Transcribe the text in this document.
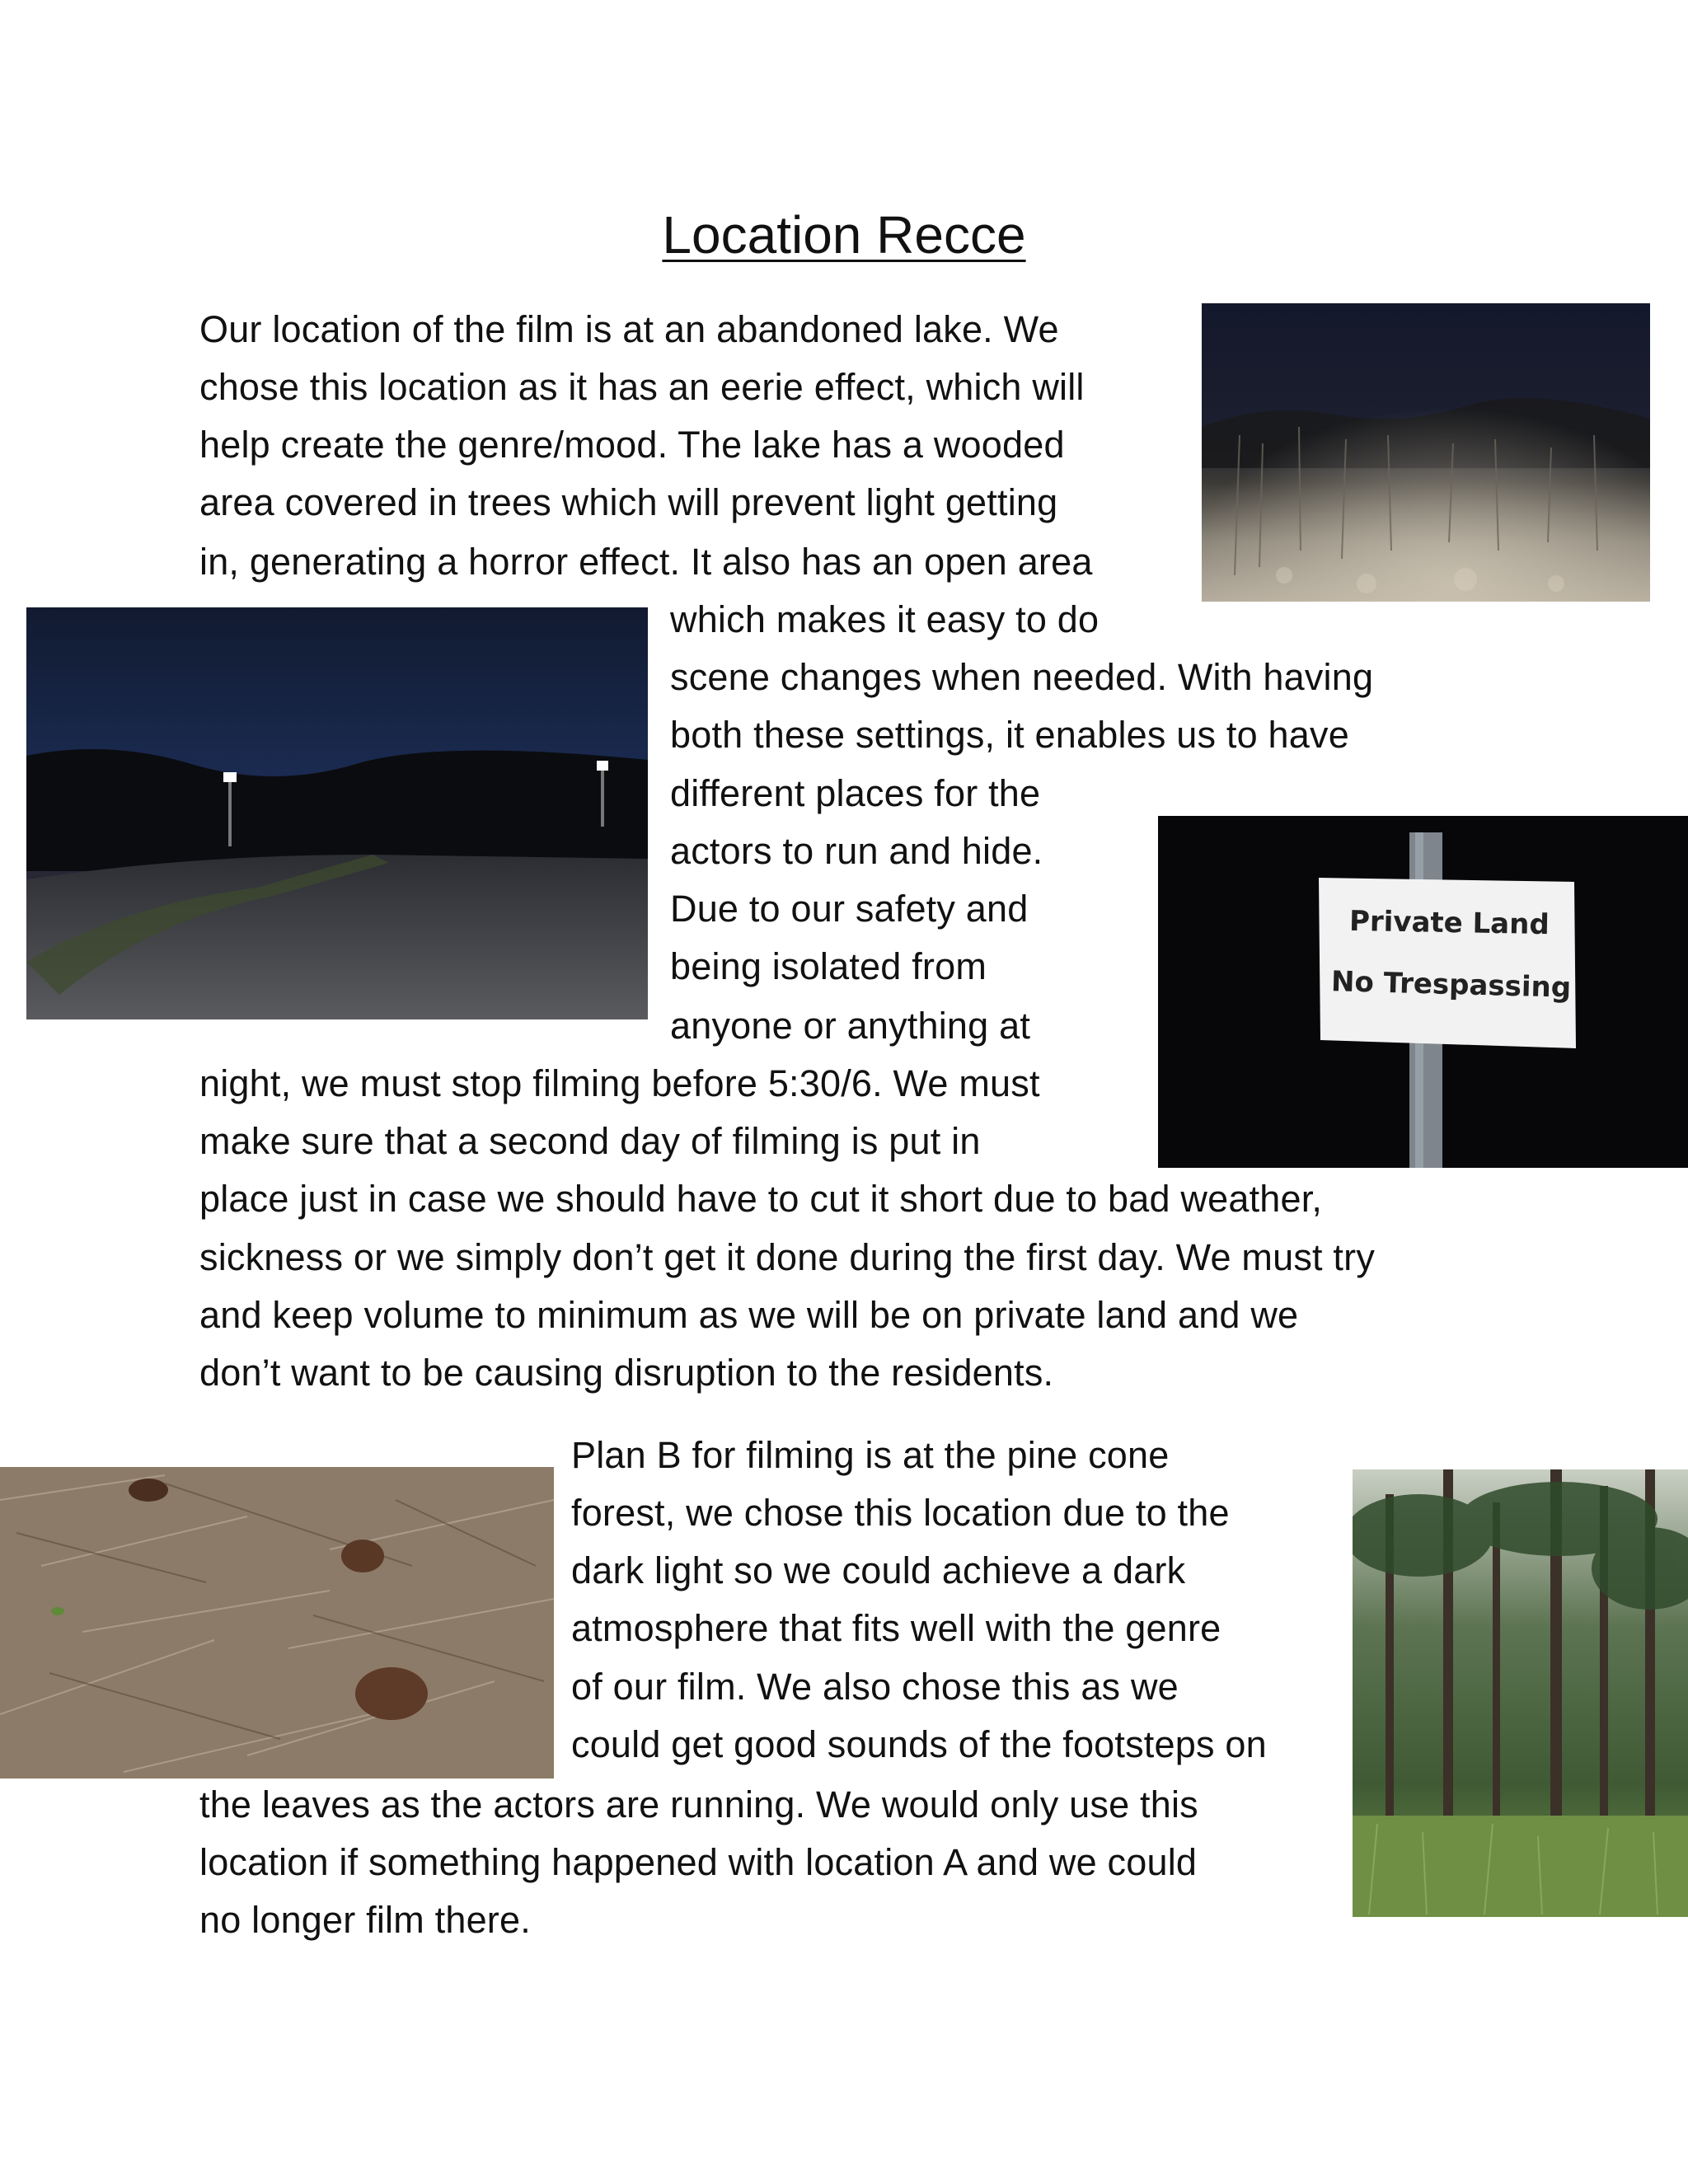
Location Recce
Our location of the film is at an abandoned lake. We
chose this location as it has an eerie effect, which will
help create the genre/mood. The lake has a wooded
area covered in trees which will prevent light getting
in, generating a horror effect. It also has an open area
which makes it easy to do
scene changes when needed. With having
both these settings, it enables us to have
different places for the
actors to run and hide.
Due to our safety and
being isolated from
anyone or anything at
night, we must stop filming before 5:30/6. We must
make sure that a second day of filming is put in
place just in case we should have to cut it short due to bad weather,
sickness or we simply don’t get it done during the first day. We must try
and keep volume to minimum as we will be on private land and we
don’t want to be causing disruption to the residents.
Plan B for filming is at the pine cone
forest, we chose this location due to the
dark light so we could achieve a dark
atmosphere that fits well with the genre
of our film. We also chose this as we
could get good sounds of the footsteps on
the leaves as the actors are running. We would only use this
location if something happened with location A and we could
no longer film there.
Private Land
No Trespassing
